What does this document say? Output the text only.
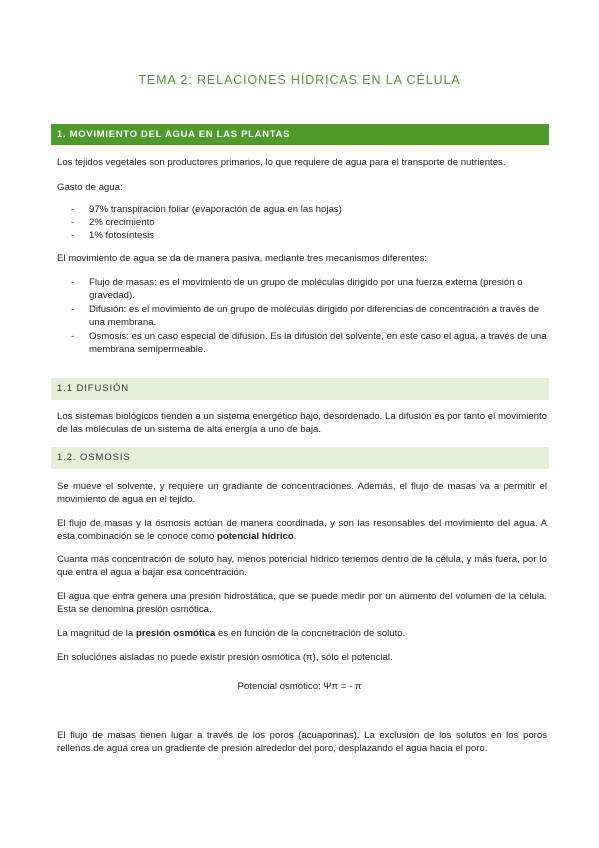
TEMA 2: RELACIONES HÍDRICAS EN LA CÉLULA
1. MOVIMIENTO DEL AGUA EN LAS PLANTAS

Los tejidos vegetales son productores primarios, lo que requiere de agua para el transporte de nutrientes.

Gasto de agua:

- 97% transpiración foliar (evaporación de agua en las hojas)
- 2% crecimiento
- 1% fotosíntesis

El movimiento de agua se da de manera pasiva, mediante tres mecanismos diferentes:

- Flujo de masas: es el movimiento de un grupo de moléculas dirigido por una fuerza externa (presión o gravedad).
- Difusión: es el movimiento de un grupo de moléculas dirigido por diferencias de concentración a través de una membrana.
- Osmosis: es un caso especial de difusión. Es la difusión del solvente, en este caso el agua, a través de una membrana semipermeable.
1.1 DIFUSIÓN

Los sistemas biológicos tienden a un sistema energético bajo, desordenado. La difusión es por tanto el movimiento de las moléculas de un sistema de alta energía a uno de baja.

1.2. OSMOSIS

Se mueve el solvente, y requiere un gradiante de concentraciones. Además, el flujo de masas va a permitir el movimiento de agua en el tejido.

El flujo de masas y la ósmosis actúan de manera coordinada, y son las resonsables del movimiento del agua. A esta combinación se le conoce como potencial hídrico.

Cuanta más concentración de soluto hay, menos potencial hídrico tenemos dentro de la célula, y más fuera, por lo que entra el agua a bajar esa concentración.

El agua que entra genera una presión hidrostática, que se puede medir por un aumento del volumen de la célula. Esta se denomina presión osmótica.

La magnitud de la presión osmótica es en función de la concnetración de soluto.

En soluciónes aisladas no puede existir presión osmótica (π), sólo el potencial.

Potencial osmótico: Ψπ = - π

El flujo de masas tienen lugar a través de los poros (acuaporinas). La exclusión de los solutos en los poros rellenos de agua crea un gradiente de presión alrededor del poro, desplazando el agua hacia el poro.
